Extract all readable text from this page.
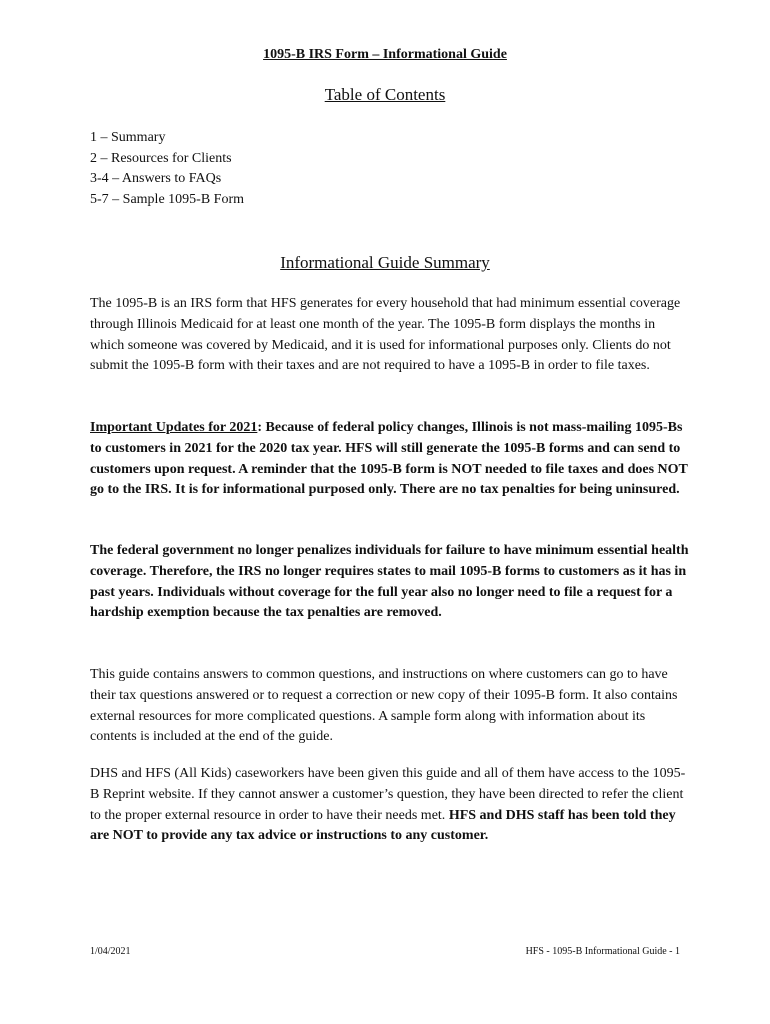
1095-B IRS Form – Informational Guide
Table of Contents
1 – Summary
2 – Resources for Clients
3-4 – Answers to FAQs
5-7 – Sample 1095-B Form
Informational Guide Summary

The 1095-B is an IRS form that HFS generates for every household that had minimum essential coverage through Illinois Medicaid for at least one month of the year. The 1095-B form displays the months in which someone was covered by Medicaid, and it is used for informational purposes only. Clients do not submit the 1095-B form with their taxes and are not required to have a 1095-B in order to file taxes.

Important Updates for 2021: Because of federal policy changes, Illinois is not mass-mailing 1095-Bs to customers in 2021 for the 2020 tax year. HFS will still generate the 1095-B forms and can send to customers upon request. A reminder that the 1095-B form is NOT needed to file taxes and does NOT go to the IRS. It is for informational purposed only. There are no tax penalties for being uninsured.

The federal government no longer penalizes individuals for failure to have minimum essential health coverage. Therefore, the IRS no longer requires states to mail 1095-B forms to customers as it has in past years. Individuals without coverage for the full year also no longer need to file a request for a hardship exemption because the tax penalties are removed.

This guide contains answers to common questions, and instructions on where customers can go to have their tax questions answered or to request a correction or new copy of their 1095-B form. It also contains external resources for more complicated questions. A sample form along with information about its contents is included at the end of the guide.

DHS and HFS (All Kids) caseworkers have been given this guide and all of them have access to the 1095-B Reprint website. If they cannot answer a customer’s question, they have been directed to refer the client to the proper external resource in order to have their needs met. HFS and DHS staff has been told they are NOT to provide any tax advice or instructions to any customer.

1/04/2021	HFS - 1095-B Informational Guide - 1
